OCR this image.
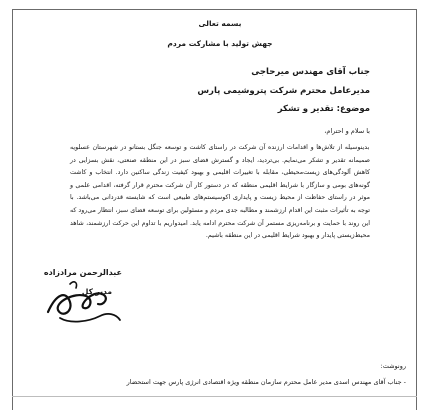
بسمه تعالی
جهش تولید با مشارکت مردم
جناب آقای مهندس میرحاجی
مدیرعامل محترم شرکت پتروشیمی پارس
موضوع: تقدیر و تشکر
با سلام و احترام،
بدینوسیله از تلاش‌ها و اقدامات ارزنده آن شرکت در راستای کاشت و توسعه جنگل بستانو در شهرستان عسلویه صمیمانه تقدیر و تشکر می‌نمایم. بی‌تردید، ایجاد و گسترش فضای سبز در این منطقه صنعتی، نقش بسزایی در کاهش آلودگی‌های زیست‌محیطی، مقابله با تغییرات اقلیمی و بهبود کیفیت زندگی ساکنین دارد. انتخاب و کاشت گونه‌های بومی و سازگار با شرایط اقلیمی منطقه که در دستور کار آن شرکت محترم قرار گرفته، اقدامی علمی و موثر در راستای حفاظت از محیط زیست و پایداری اکوسیستم‌های طبیعی است که شایسته قدردانی می‌باشد. با توجه به تأثیرات مثبت این اقدام ارزشمند و مطالبه جدی مردم و مسئولین برای توسعه فضای سبز، انتظار می‌رود که این روند با حمایت و برنامه‌ریزی مستمر آن شرکت محترم ادامه یابد. امیدواریم با تداوم این حرکت ارزشمند، شاهد محیط‌زیستی پایدار و بهبود شرایط اقلیمی در این منطقه باشیم.
عبدالرحمن مرادزاده
مدیر کل
رونوشت:
- جناب آقای مهندس اسدی مدیر عامل محترم سازمان منطقه ویژه اقتصادی انرژی پارس جهت استحضار
